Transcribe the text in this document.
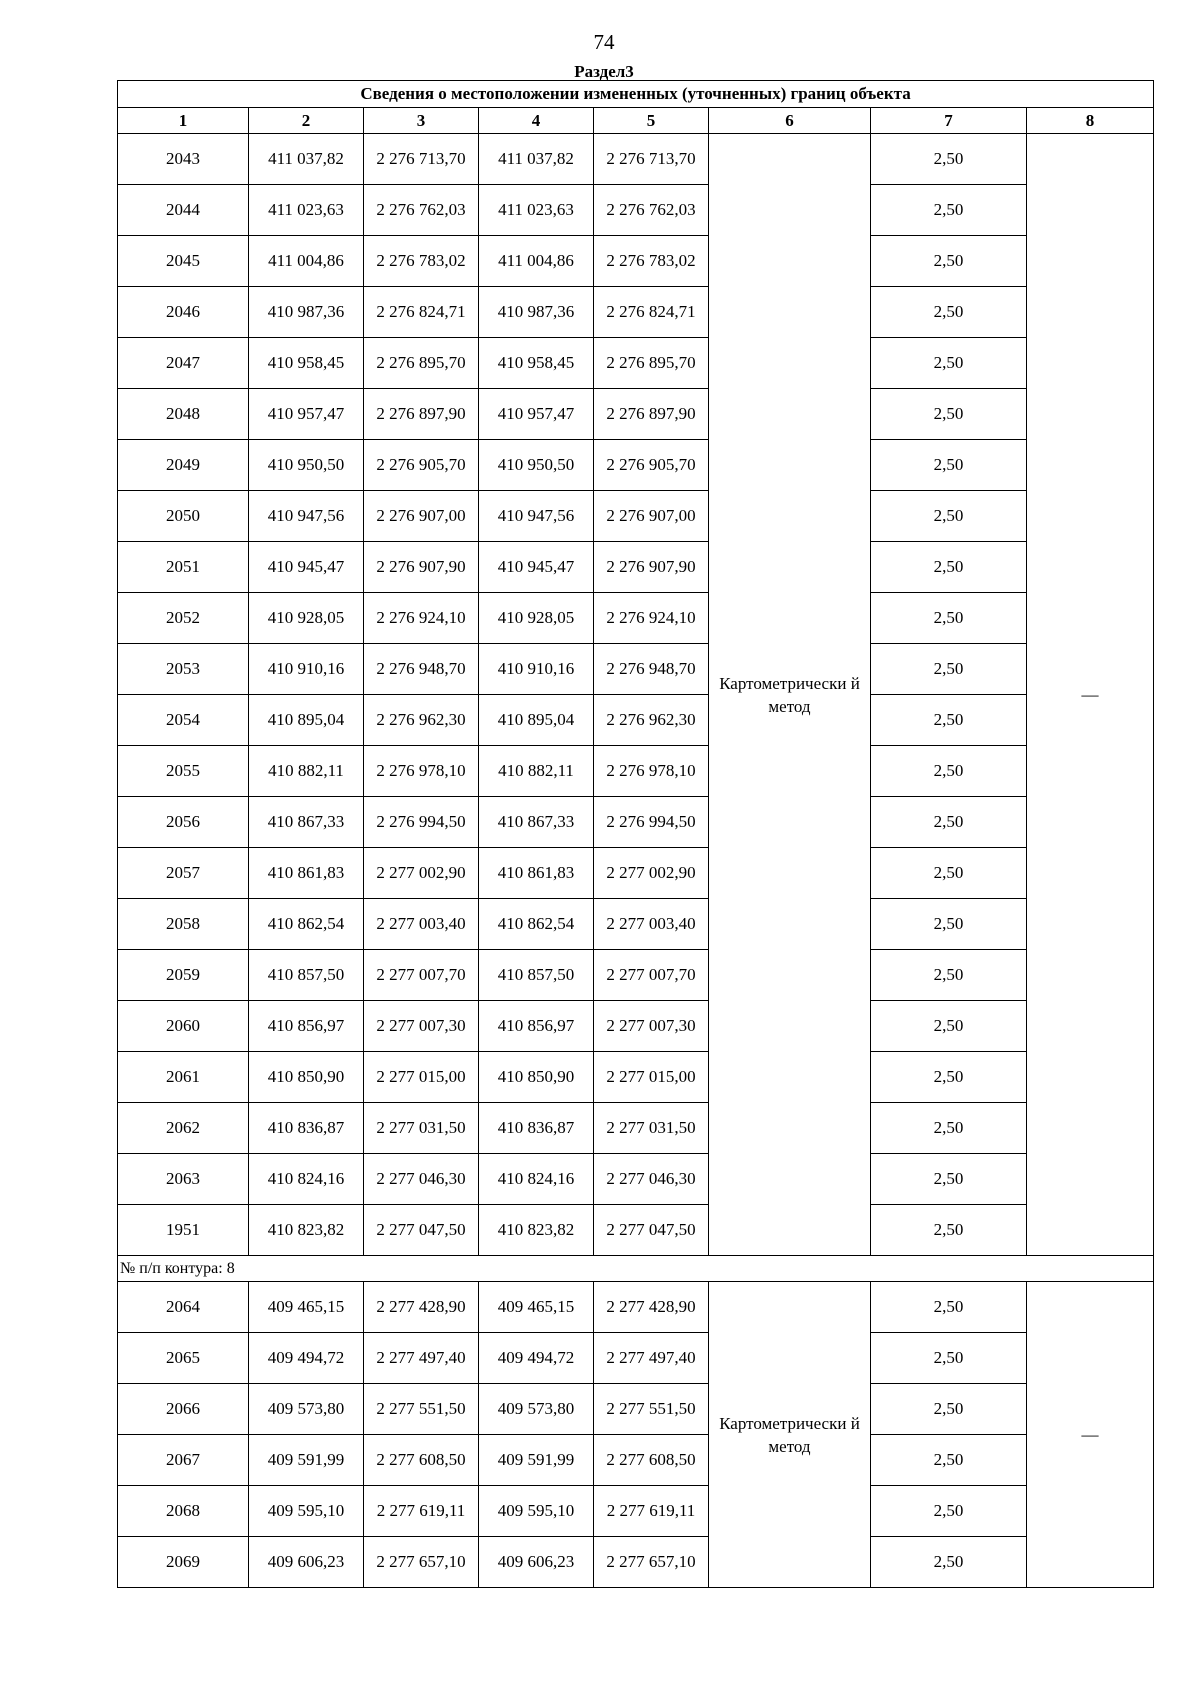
74
Раздел3
Сведения о местоположении измененных (уточненных) границ объекта							
1	2	3	4	5	6	7	8
2043	411 037,82	2 276 713,70	411 037,82	2 276 713,70	Картометрически й метод	2,50	—
2044	411 023,63	2 276 762,03	411 023,63	2 276 762,03		2,50	
2045	411 004,86	2 276 783,02	411 004,86	2 276 783,02		2,50	
2046	410 987,36	2 276 824,71	410 987,36	2 276 824,71		2,50	
2047	410 958,45	2 276 895,70	410 958,45	2 276 895,70		2,50	
2048	410 957,47	2 276 897,90	410 957,47	2 276 897,90		2,50	
2049	410 950,50	2 276 905,70	410 950,50	2 276 905,70		2,50	
2050	410 947,56	2 276 907,00	410 947,56	2 276 907,00		2,50	
2051	410 945,47	2 276 907,90	410 945,47	2 276 907,90		2,50	
2052	410 928,05	2 276 924,10	410 928,05	2 276 924,10		2,50	
2053	410 910,16	2 276 948,70	410 910,16	2 276 948,70		2,50	
2054	410 895,04	2 276 962,30	410 895,04	2 276 962,30		2,50	
2055	410 882,11	2 276 978,10	410 882,11	2 276 978,10		2,50	
2056	410 867,33	2 276 994,50	410 867,33	2 276 994,50		2,50	
2057	410 861,83	2 277 002,90	410 861,83	2 277 002,90		2,50	
2058	410 862,54	2 277 003,40	410 862,54	2 277 003,40		2,50	
2059	410 857,50	2 277 007,70	410 857,50	2 277 007,70		2,50	
2060	410 856,97	2 277 007,30	410 856,97	2 277 007,30		2,50	
2061	410 850,90	2 277 015,00	410 850,90	2 277 015,00		2,50	
2062	410 836,87	2 277 031,50	410 836,87	2 277 031,50		2,50	
2063	410 824,16	2 277 046,30	410 824,16	2 277 046,30		2,50	
1951	410 823,82	2 277 047,50	410 823,82	2 277 047,50		2,50	
№ п/п контура: 8							
2064	409 465,15	2 277 428,90	409 465,15	2 277 428,90	Картометрически й метод	2,50	—
2065	409 494,72	2 277 497,40	409 494,72	2 277 497,40		2,50	
2066	409 573,80	2 277 551,50	409 573,80	2 277 551,50		2,50	
2067	409 591,99	2 277 608,50	409 591,99	2 277 608,50		2,50	
2068	409 595,10	2 277 619,11	409 595,10	2 277 619,11		2,50	
2069	409 606,23	2 277 657,10	409 606,23	2 277 657,10		2,50	
